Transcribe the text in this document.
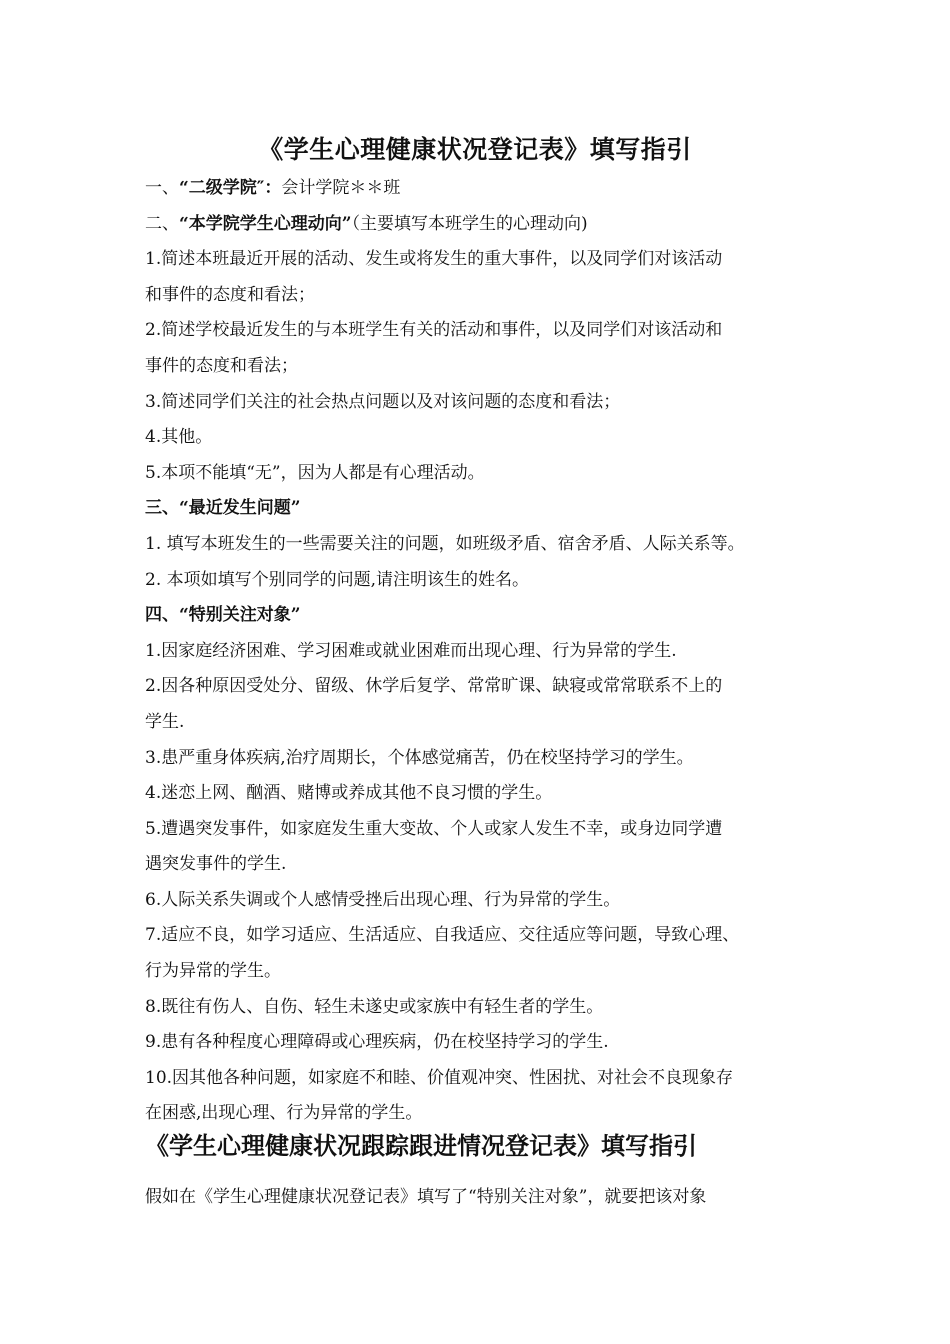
《学生心理健康状况登记表》填写指引
一、“二级学院″：会计学院＊＊班
二、“本学院学生心理动向”（主要填写本班学生的心理动向)
1.简述本班最近开展的活动、发生或将发生的重大事件，以及同学们对该活动
和事件的态度和看法；
2.简述学校最近发生的与本班学生有关的活动和事件，以及同学们对该活动和
事件的态度和看法；
3.简述同学们关注的社会热点问题以及对该问题的态度和看法；
4.其他。
5.本项不能填“无”，因为人都是有心理活动。
三、“最近发生问题”
1. 填写本班发生的一些需要关注的问题，如班级矛盾、宿舍矛盾、人际关系等。
2. 本项如填写个别同学的问题,请注明该生的姓名。
四、“特别关注对象”
1.因家庭经济困难、学习困难或就业困难而出现心理、行为异常的学生.
2.因各种原因受处分、留级、休学后复学、常常旷课、缺寝或常常联系不上的
学生.
3.患严重身体疾病,治疗周期长，个体感觉痛苦，仍在校坚持学习的学生。
4.迷恋上网、酗酒、赌博或养成其他不良习惯的学生。
5.遭遇突发事件，如家庭发生重大变故、个人或家人发生不幸，或身边同学遭
遇突发事件的学生.
6.人际关系失调或个人感情受挫后出现心理、行为异常的学生。
7.适应不良，如学习适应、生活适应、自我适应、交往适应等问题，导致心理、
行为异常的学生。
8.既往有伤人、自伤、轻生未遂史或家族中有轻生者的学生。
9.患有各种程度心理障碍或心理疾病，仍在校坚持学习的学生.
10.因其他各种问题，如家庭不和睦、价值观冲突、性困扰、对社会不良现象存
在困惑,出现心理、行为异常的学生。
《学生心理健康状况跟踪跟进情况登记表》填写指引
假如在《学生心理健康状况登记表》填写了“特别关注对象”，就要把该对象
